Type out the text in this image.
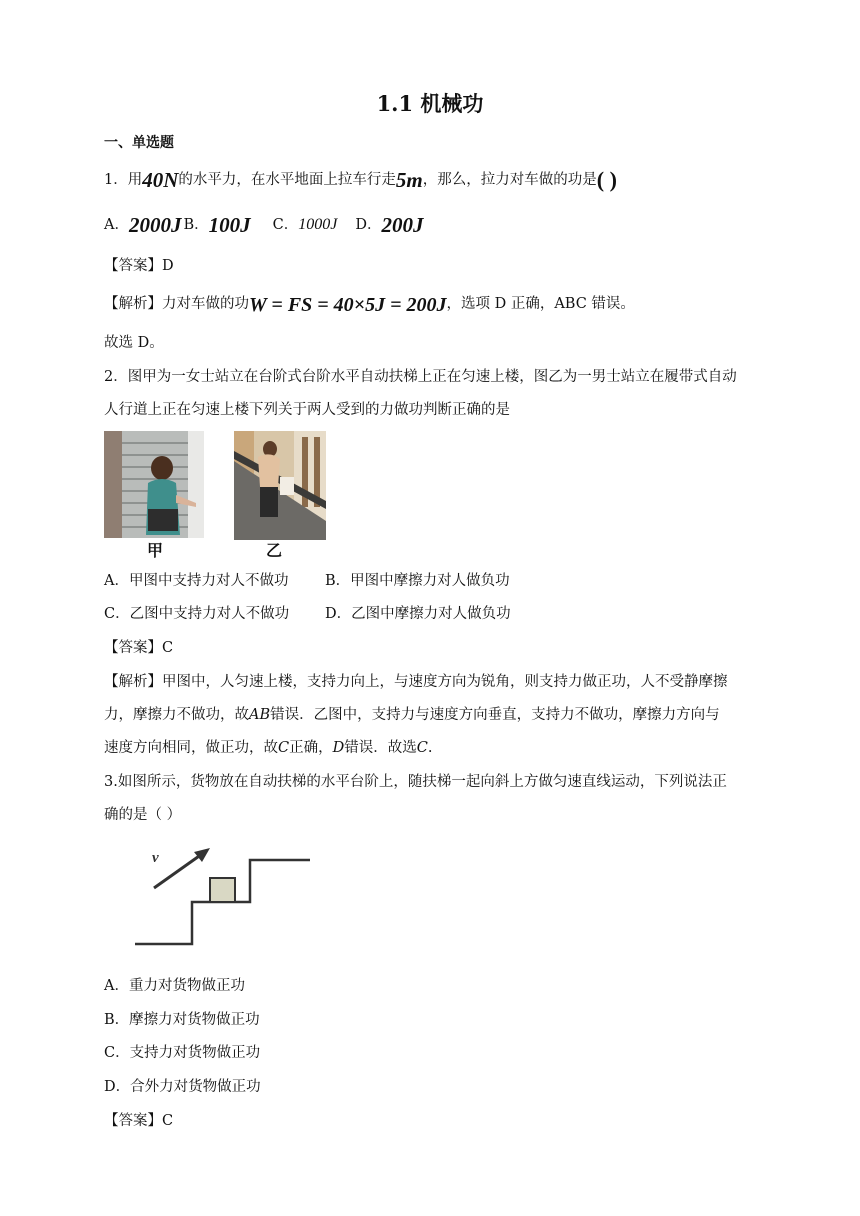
1.1 机械功
一、单选题
1．用40N的水平力，在水平地面上拉车行走5m，那么，拉力对车做的功是( )
A．2000J B．100J C．1000J D．200J
【答案】D
【解析】力对车做的功W = FS = 40×5J = 200J，选项 D 正确，ABC 错误。
故选 D。
2．图甲为一女士站立在台阶式台阶水平自动扶梯上正在匀速上楼，图乙为一男士站立在履带式自动
人行道上正在匀速上楼下列关于两人受到的力做功判断正确的是
甲	乙
A．甲图中支持力对人不做功	B．甲图中摩擦力对人做负功
C．乙图中支持力对人不做功 D．乙图中摩擦力对人做负功
【答案】C
【解析】甲图中，人匀速上楼，支持力向上，与速度方向为锐角，则支持力做正功，人不受静摩擦
力，摩擦力不做功，故AB错误．乙图中，支持力与速度方向垂直，支持力不做功，摩擦力方向与
速度方向相同，做正功，故C正确，D错误．故选C.
3.如图所示，货物放在自动扶梯的水平台阶上，随扶梯一起向斜上方做匀速直线运动，下列说法正
确的是（ ）
v
A．重力对货物做正功
B．摩擦力对货物做正功
C．支持力对货物做正功
D．合外力对货物做正功
【答案】C
